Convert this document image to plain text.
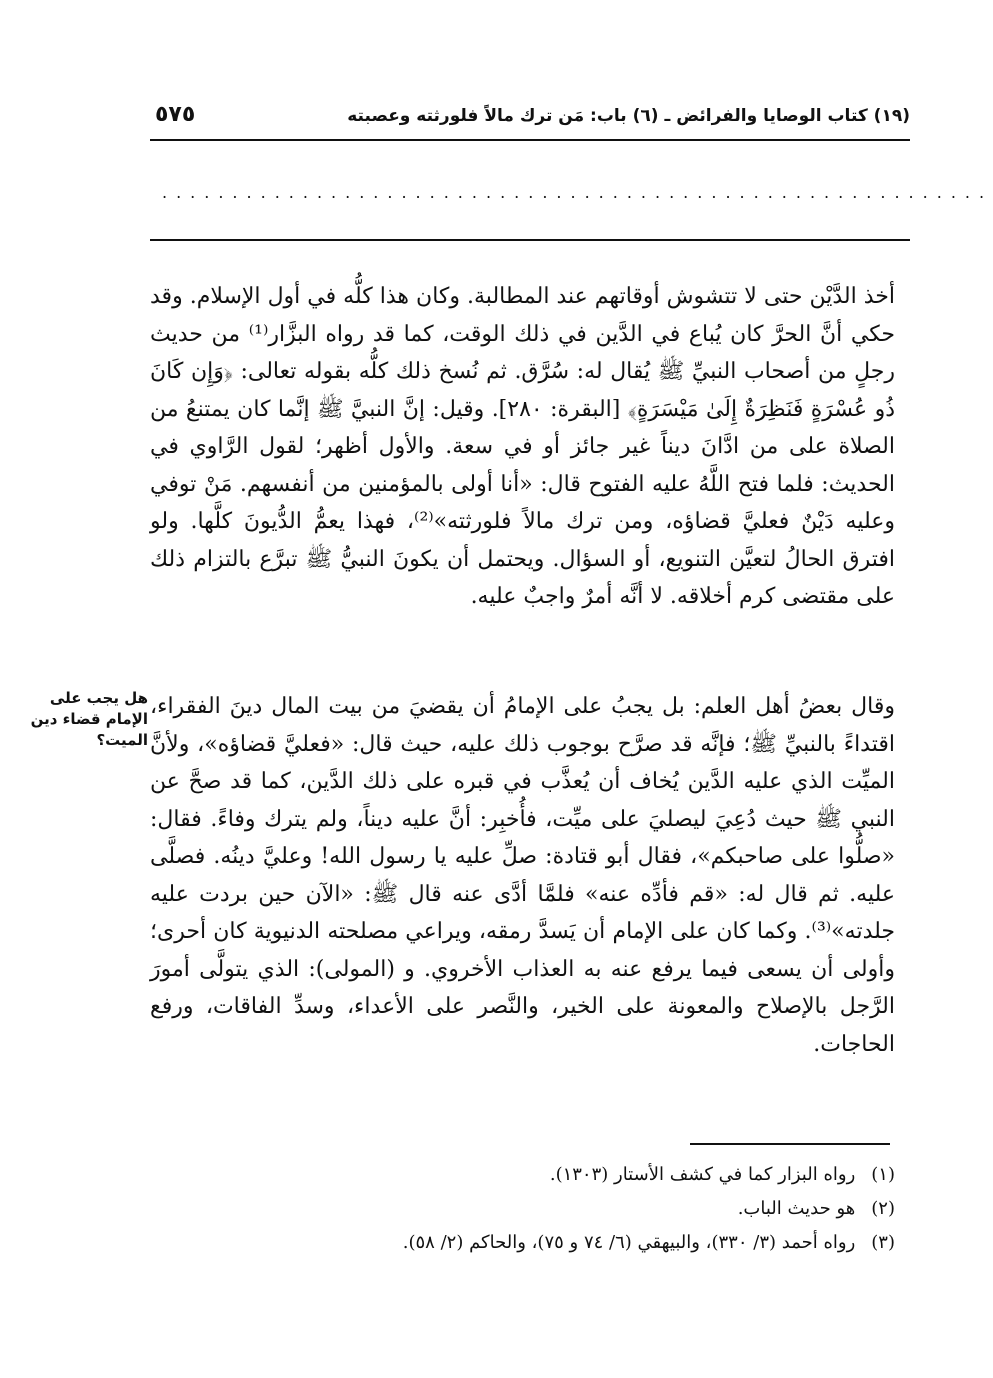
(١٩) كتاب الوصايا والفرائض ـ (٦) باب: مَن ترك مالاً فلورثته وعصبته
٥٧٥
...........................................................

أخذ الدَّيْن حتى لا تتشوش أوقاتهم عند المطالبة. وكان هذا كلُّه في أول الإسلام. وقد حكي أنَّ الحرَّ كان يُباع في الدَّين في ذلك الوقت، كما قد رواه البزَّار⁽¹⁾ من حديث رجلٍ من أصحاب النبيِّ ﷺ يُقال له: سُرَّق. ثم نُسخ ذلك كلُّه بقوله تعالى: ﴿وَإِن كَانَ ذُو عُسْرَةٍ فَنَظِرَةٌ إِلَىٰ مَيْسَرَةٍ﴾ [البقرة: ٢٨٠]. وقيل: إنَّ النبيَّ ﷺ إنَّما كان يمتنعُ من الصلاة على من ادَّانَ ديناً غير جائز أو في سعة. والأول أظهر؛ لقول الرَّاوي في الحديث: فلما فتح اللَّهُ عليه الفتوح قال: «أنا أولى بالمؤمنين من أنفسهم. مَنْ توفي وعليه دَيْنٌ فعليَّ قضاؤه، ومن ترك مالاً فلورثته»⁽²⁾، فهذا يعمُّ الدُّيونَ كلَّها. ولو افترق الحالُ لتعيَّن التنويع، أو السؤال. ويحتمل أن يكونَ النبيُّ ﷺ تبرَّع بالتزام ذلك على مقتضى كرم أخلاقه. لا أنَّه أمرٌ واجبٌ عليه.

وقال بعضُ أهل العلم: بل يجبُ على الإمامُ أن يقضيَ من بيت المال دينَ الفقراء، اقتداءً بالنبيِّ ﷺ؛ فإنَّه قد صرَّح بوجوب ذلك عليه، حيث قال: «فعليَّ قضاؤه»، ولأنَّ الميِّت الذي عليه الدَّين يُخاف أن يُعذَّب في قبره على ذلك الدَّين، كما قد صحَّ عن النبي ﷺ حيث دُعِيَ ليصليَ على ميِّت، فأُخبِر: أنَّ عليه ديناً، ولم يترك وفاءً. فقال: «صلُّوا على صاحبكم»، فقال أبو قتادة: صلِّ عليه يا رسول الله! وعليَّ دينُه. فصلَّى عليه. ثم قال له: «قم فأدِّه عنه» فلمَّا أدَّى عنه قال ﷺ: «الآن حين بردت عليه جلدته»⁽³⁾. وكما كان على الإمام أن يَسدَّ رمقه، ويراعي مصلحته الدنيوية كان أحرى؛ وأولى أن يسعى فيما يرفع عنه به العذاب الأخروي. و (المولى): الذي يتولَّى أمورَ الرَّجل بالإصلاح والمعونة على الخير، والنَّصر على الأعداء، وسدِّ الفاقات، ورفع الحاجات.

هل يجب على الإمام قضاء دين الميت؟
(١) رواه البزار كما في كشف الأستار (١٣٠٣).
(٢) هو حديث الباب.
(٣) رواه أحمد (٣/ ٣٣٠)، والبيهقي (٦/ ٧٤ و ٧٥)، والحاكم (٢/ ٥٨).
